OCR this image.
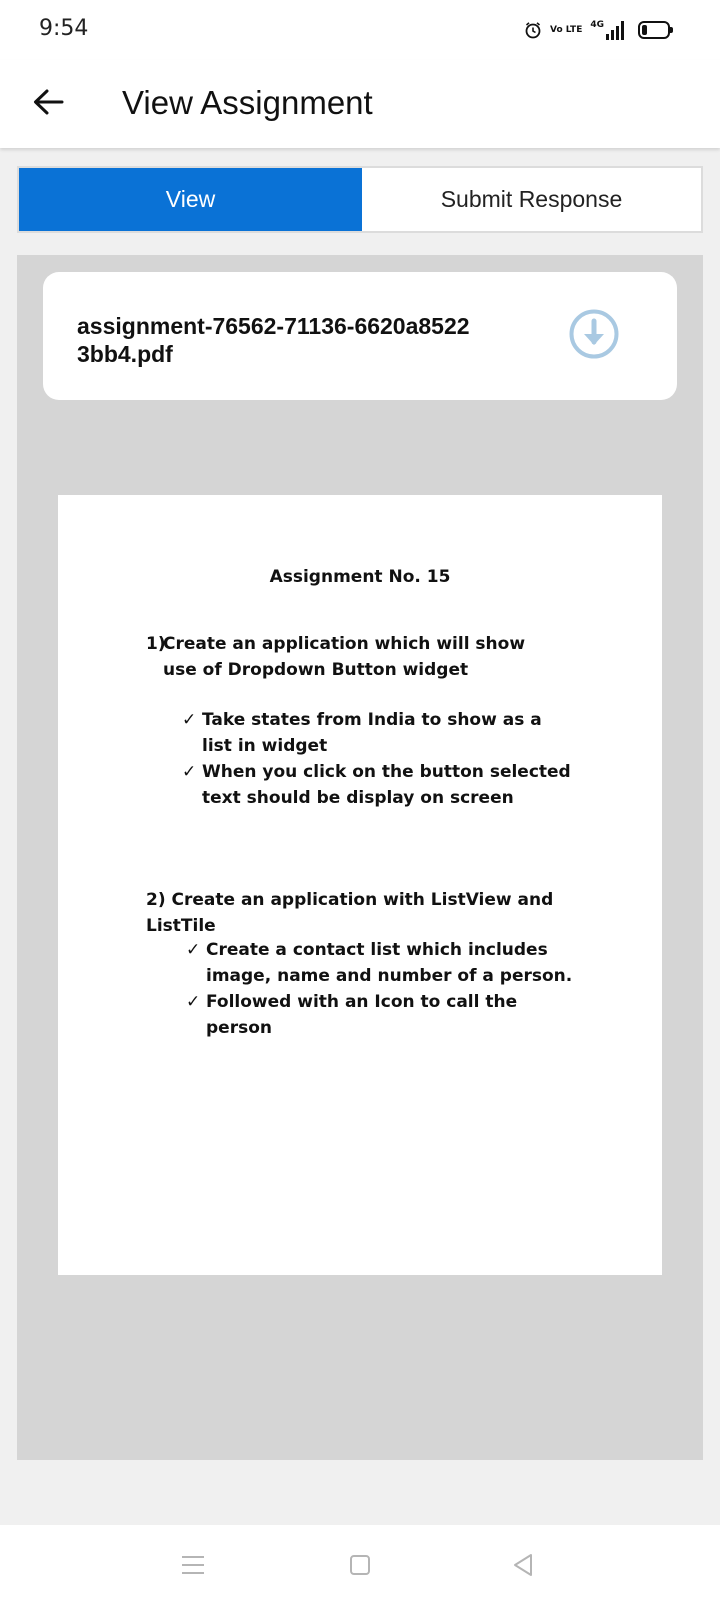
9:54	Vo LTE 4G
View Assignment
View	Submit Response
assignment-76562-71136-6620a85223bb4.pdf
Assignment No. 15
1)
Create an application which will show use of Dropdown Button widget
✓ Take states from India to show as a list in widget
✓ When you click on the button selected text should be display on screen
2) Create an application with ListView and ListTile
✓ Create a contact list which includes image, name and number of a person.
✓ Followed with an Icon to call the person
